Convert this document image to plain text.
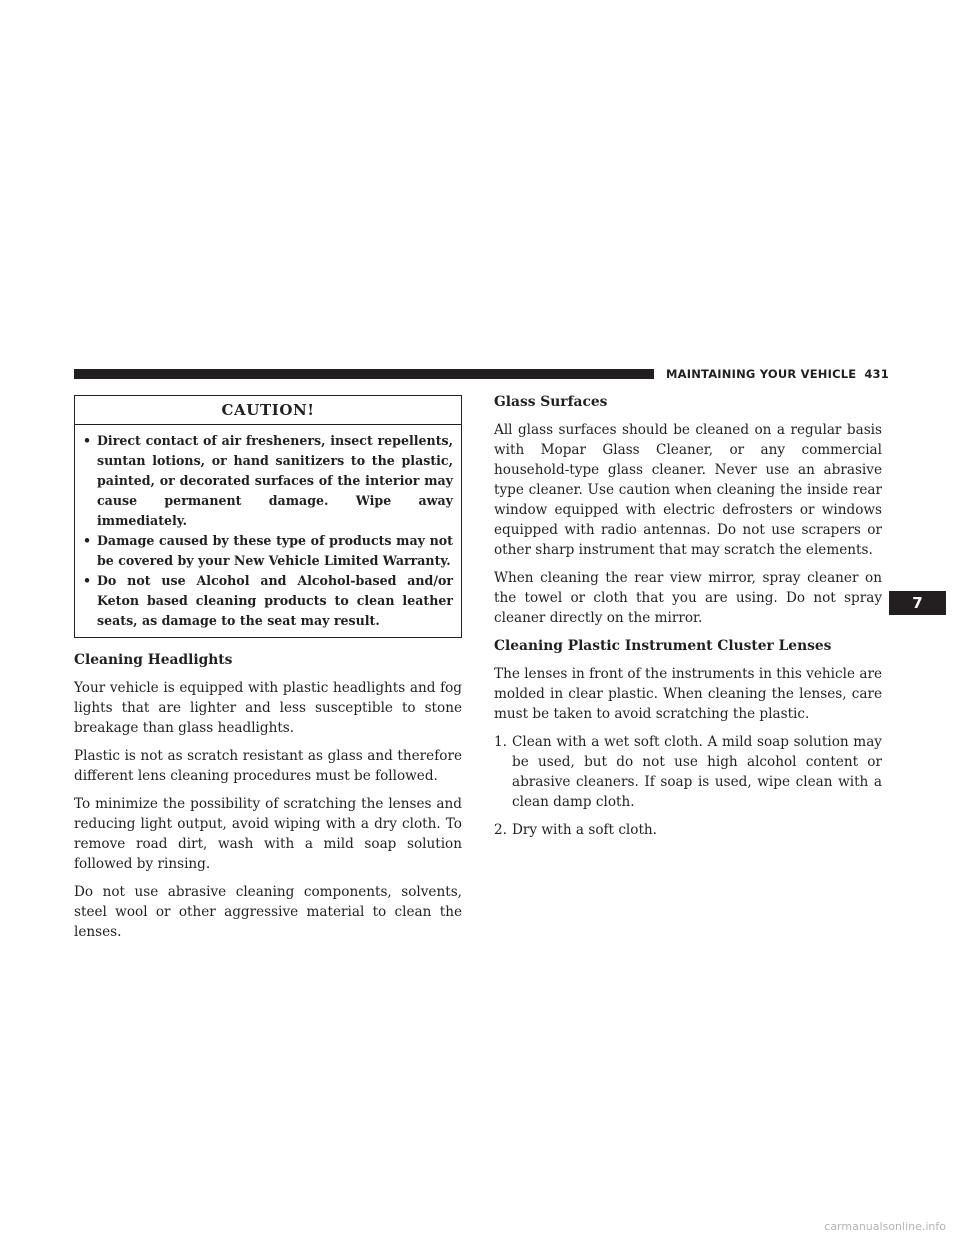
MAINTAINING YOUR VEHICLE 431
CAUTION!
• Direct contact of air fresheners, insect repellents, suntan lotions, or hand sanitizers to the plastic, painted, or decorated surfaces of the interior may cause permanent damage. Wipe away immediately.
• Damage caused by these type of products may not be covered by your New Vehicle Limited Warranty.
• Do not use Alcohol and Alcohol-based and/or Keton based cleaning products to clean leather seats, as damage to the seat may result.
Cleaning Headlights

Your vehicle is equipped with plastic headlights and fog lights that are lighter and less susceptible to stone breakage than glass headlights.

Plastic is not as scratch resistant as glass and therefore different lens cleaning procedures must be followed.

To minimize the possibility of scratching the lenses and reducing light output, avoid wiping with a dry cloth. To remove road dirt, wash with a mild soap solution followed by rinsing.

Do not use abrasive cleaning components, solvents, steel wool or other aggressive material to clean the lenses.

Glass Surfaces

All glass surfaces should be cleaned on a regular basis with Mopar Glass Cleaner, or any commercial household-type glass cleaner. Never use an abrasive type cleaner. Use caution when cleaning the inside rear window equipped with electric defrosters or windows equipped with radio antennas. Do not use scrapers or other sharp instrument that may scratch the elements.

When cleaning the rear view mirror, spray cleaner on the towel or cloth that you are using. Do not spray cleaner directly on the mirror.

Cleaning Plastic Instrument Cluster Lenses

The lenses in front of the instruments in this vehicle are molded in clear plastic. When cleaning the lenses, care must be taken to avoid scratching the plastic.

1. Clean with a wet soft cloth. A mild soap solution may be used, but do not use high alcohol content or abrasive cleaners. If soap is used, wipe clean with a clean damp cloth.
2. Dry with a soft cloth.
7
carmanualsonline.info
